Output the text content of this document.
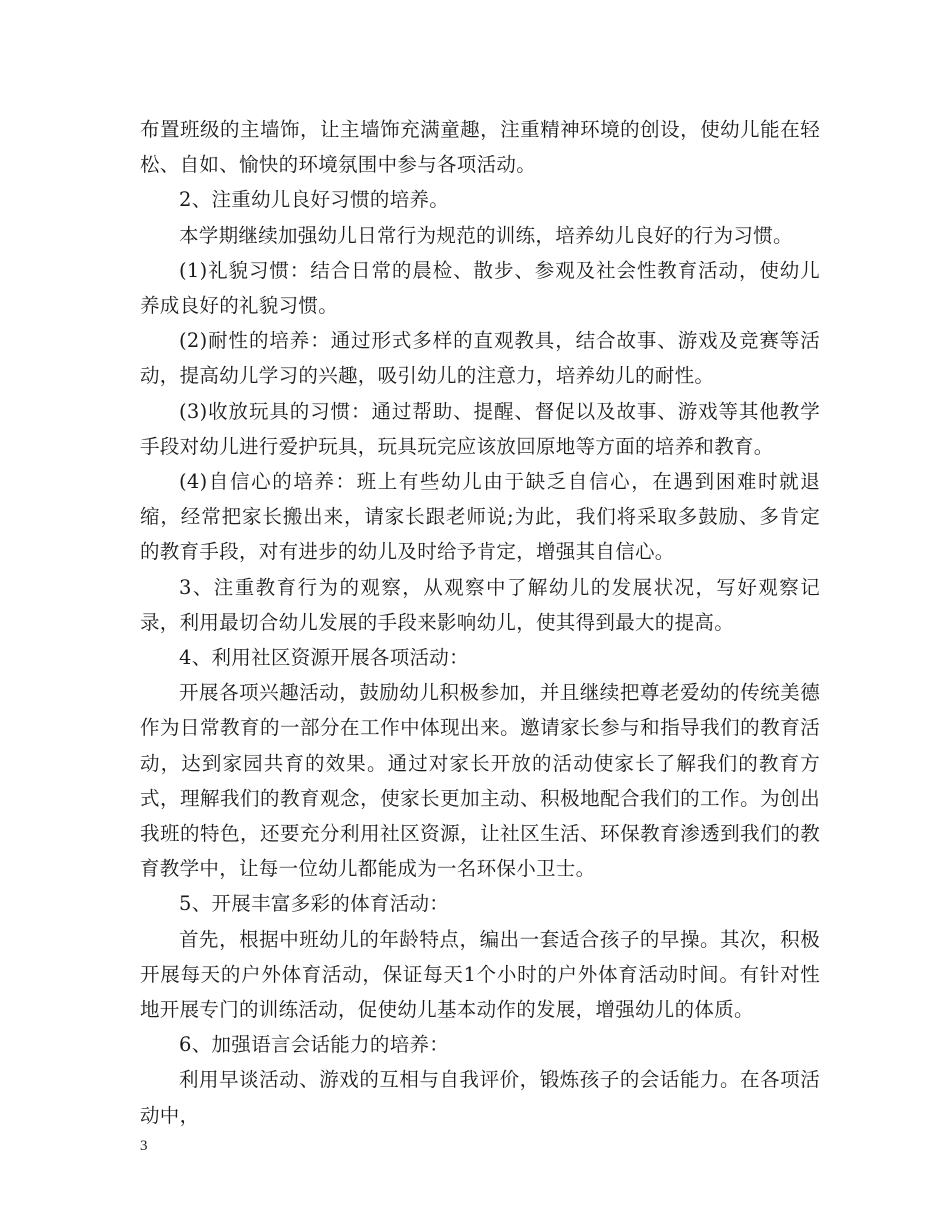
布置班级的主墙饰，让主墙饰充满童趣，注重精神环境的创设，使幼儿能在轻松、自如、愉快的环境氛围中参与各项活动。

2、注重幼儿良好习惯的培养。

本学期继续加强幼儿日常行为规范的训练，培养幼儿良好的行为习惯。

(1)礼貌习惯：结合日常的晨检、散步、参观及社会性教育活动，使幼儿养成良好的礼貌习惯。

(2)耐性的培养：通过形式多样的直观教具，结合故事、游戏及竞赛等活动，提高幼儿学习的兴趣，吸引幼儿的注意力，培养幼儿的耐性。

(3)收放玩具的习惯：通过帮助、提醒、督促以及故事、游戏等其他教学手段对幼儿进行爱护玩具，玩具玩完应该放回原地等方面的培养和教育。

(4)自信心的培养：班上有些幼儿由于缺乏自信心，在遇到困难时就退缩，经常把家长搬出来，请家长跟老师说;为此，我们将采取多鼓励、多肯定的教育手段，对有进步的幼儿及时给予肯定，增强其自信心。

3、注重教育行为的观察，从观察中了解幼儿的发展状况，写好观察记录，利用最切合幼儿发展的手段来影响幼儿，使其得到最大的提高。

4、利用社区资源开展各项活动：

开展各项兴趣活动，鼓励幼儿积极参加，并且继续把尊老爱幼的传统美德作为日常教育的一部分在工作中体现出来。邀请家长参与和指导我们的教育活动，达到家园共育的效果。通过对家长开放的活动使家长了解我们的教育方式，理解我们的教育观念，使家长更加主动、积极地配合我们的工作。为创出我班的特色，还要充分利用社区资源，让社区生活、环保教育渗透到我们的教育教学中，让每一位幼儿都能成为一名环保小卫士。

5、开展丰富多彩的体育活动：

首先，根据中班幼儿的年龄特点，编出一套适合孩子的早操。其次，积极开展每天的户外体育活动，保证每天1个小时的户外体育活动时间。有针对性地开展专门的训练活动，促使幼儿基本动作的发展，增强幼儿的体质。

6、加强语言会话能力的培养：

利用早谈活动、游戏的互相与自我评价，锻炼孩子的会话能力。在各项活动中，

3
